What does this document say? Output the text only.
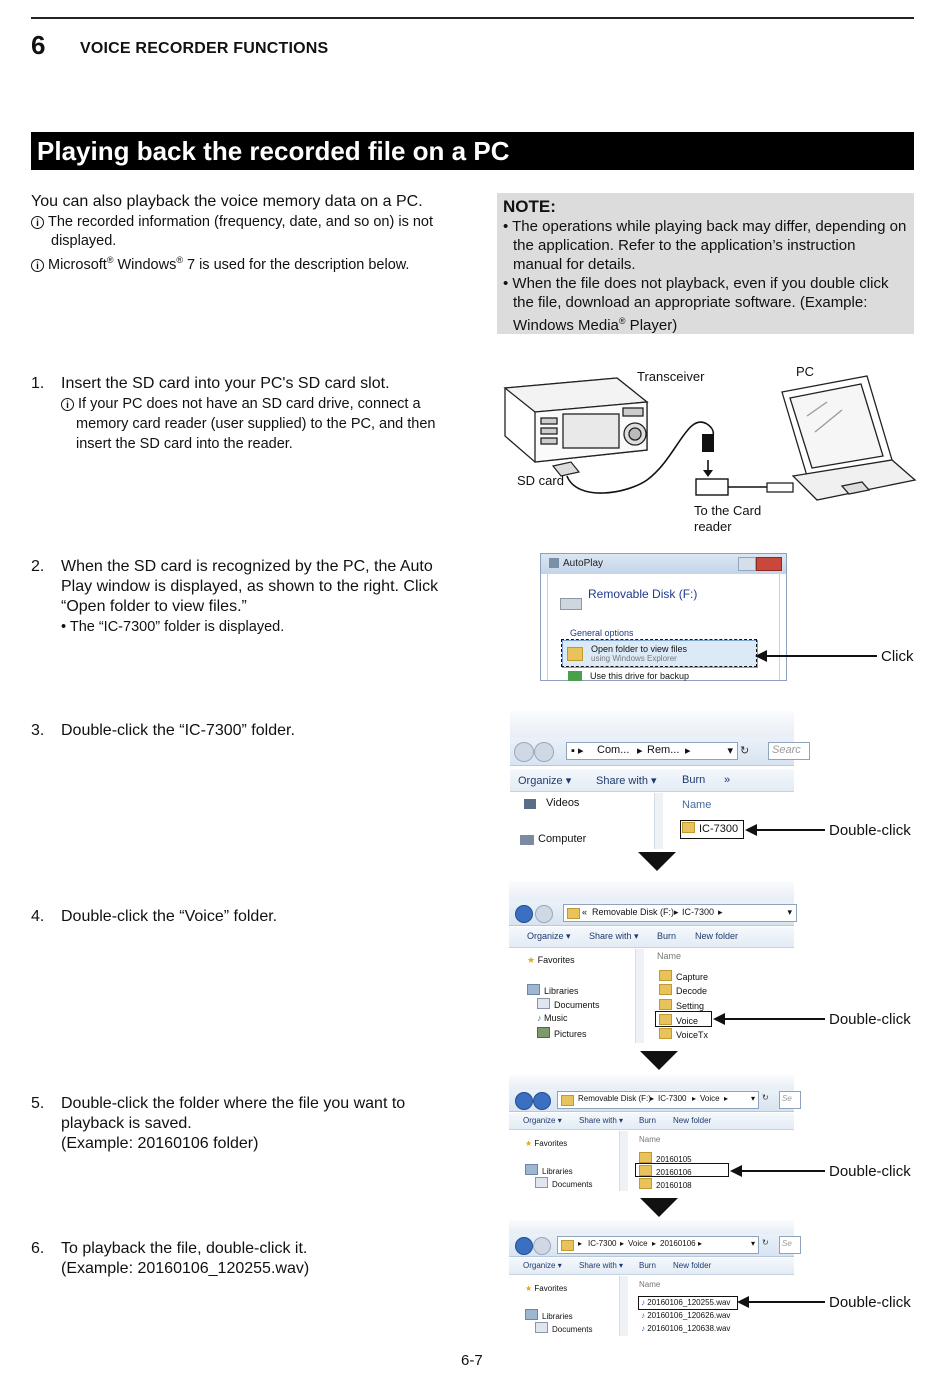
6 VOICE RECORDER FUNCTIONS
Playing back the recorded file on a PC
You can also playback the voice memory data on a PC.
i The recorded information (frequency, date, and so on) is not displayed.
i Microsoft® Windows® 7 is used for the description below.
NOTE:
• The operations while playing back may differ, depending on the application. Refer to the application’s instruction manual for details.
• When the file does not playback, even if you double click the file, download an appropriate software. (Example: Windows Media® Player)
1. Insert the SD card into your PC's SD card slot.
i If your PC does not have an SD card drive, connect a memory card reader (user supplied) to the PC, and then insert the SD card into the reader.
Transceiver	PC
SD card
To the Card reader
2. When the SD card is recognized by the PC, the Auto Play window is displayed, as shown to the right. Click “Open folder to view files.”
• The “IC-7300” folder is displayed.
AutoPlay
Removable Disk (F:)
General options
Open folder to view files
using Windows Explorer
Use this drive for backup
Click
3. Double-click the “IC-7300” folder.
▪ ▸ Com... ▸ Rem... ▸	▾ ↻ Searc
Organize ▾ Share with ▾ Burn »
Videos
Computer
Name
IC-7300	Double-click
4. Double-click the “Voice” folder.	« Removable Disk (F:) ▸ IC-7300 ▸	▾
Organize ▾ Share with ▾ Burn New folder
★ Favorites
Libraries
Documents
♪ Music
Pictures
Name
Capture
Decode
Setting
Voice
VoiceTx
Double-click
5. Double-click the folder where the file you want to playback is saved.
(Example: 20160106 folder)
Removable Disk (F:) ▸ IC-7300 ▸ Voice ▸	▾ ↻ Se
Organize ▾ Share with ▾ Burn New folder
★ Favorites
Libraries
Documents
Name
20160105
20160106
20160108
Double-click
6. To playback the file, double-click it.
(Example: 20160106_120255.wav)
▸ IC-7300 ▸ Voice ▸ 20160106 ▸	▾ ↻ Se
Organize ▾ Share with ▾ Burn New folder
★ Favorites
Libraries
Documents
Name
♪ 20160106_120255.wav
♪ 20160106_120626.wav
♪ 20160106_120638.wav
Double-click
6-7
